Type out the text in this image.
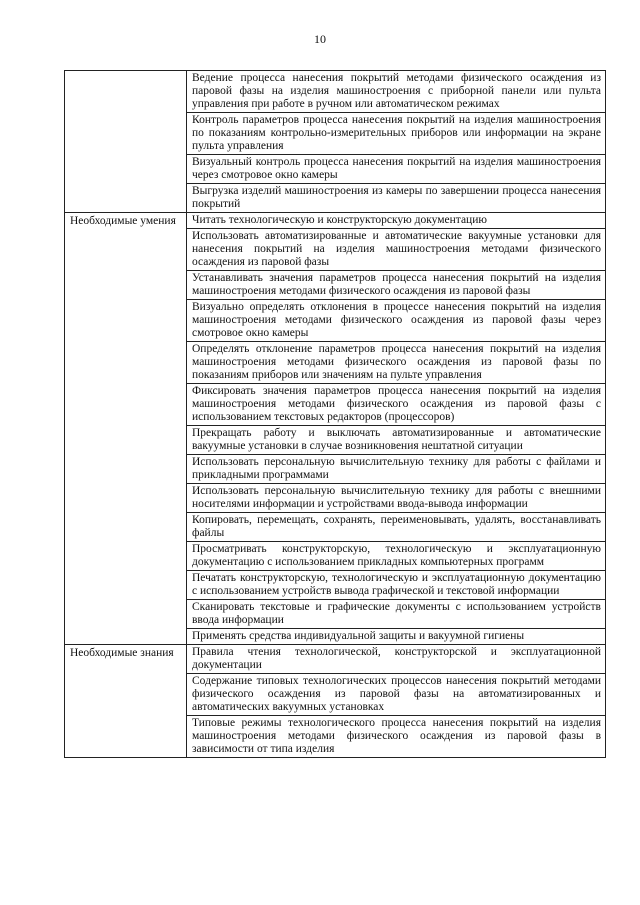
10
	Ведение процесса нанесения покрытий методами физического осаждения из паровой фазы на изделия машиностроения с приборной панели или пульта управления при работе в ручном или автоматическом режимах
	Контроль параметров процесса нанесения покрытий на изделия машиностроения по показаниям контрольно-измерительных приборов или информации на экране пульта управления
	Визуальный контроль процесса нанесения покрытий на изделия машиностроения через смотровое окно камеры
	Выгрузка изделий машиностроения из камеры по завершении процесса нанесения покрытий
Необходимые умения	Читать технологическую и конструкторскую документацию
	Использовать автоматизированные и автоматические вакуумные установки для нанесения покрытий на изделия машиностроения методами физического осаждения из паровой фазы
	Устанавливать значения параметров процесса нанесения покрытий на изделия машиностроения методами физического осаждения из паровой фазы
	Визуально определять отклонения в процессе нанесения покрытий на изделия машиностроения методами физического осаждения из паровой фазы через смотровое окно камеры
	Определять отклонение параметров процесса нанесения покрытий на изделия машиностроения методами физического осаждения из паровой фазы по показаниям приборов или значениям на пульте управления
	Фиксировать значения параметров процесса нанесения покрытий на изделия машиностроения методами физического осаждения из паровой фазы с использованием текстовых редакторов (процессоров)
	Прекращать работу и выключать автоматизированные и автоматические вакуумные установки в случае возникновения нештатной ситуации
	Использовать персональную вычислительную технику для работы с файлами и прикладными программами
	Использовать персональную вычислительную технику для работы с внешними носителями информации и устройствами ввода-вывода информации
	Копировать, перемещать, сохранять, переименовывать, удалять, восстанавливать файлы
	Просматривать конструкторскую, технологическую и эксплуатационную документацию с использованием прикладных компьютерных программ
	Печатать конструкторскую, технологическую и эксплуатационную документацию с использованием устройств вывода графической и текстовой информации
	Сканировать текстовые и графические документы с использованием устройств ввода информации
	Применять средства индивидуальной защиты и вакуумной гигиены
Необходимые знания	Правила чтения технологической, конструкторской и эксплуатационной документации
	Содержание типовых технологических процессов нанесения покрытий методами физического осаждения из паровой фазы на автоматизированных и автоматических вакуумных установках
	Типовые режимы технологического процесса нанесения покрытий на изделия машиностроения методами физического осаждения из паровой фазы в зависимости от типа изделия
